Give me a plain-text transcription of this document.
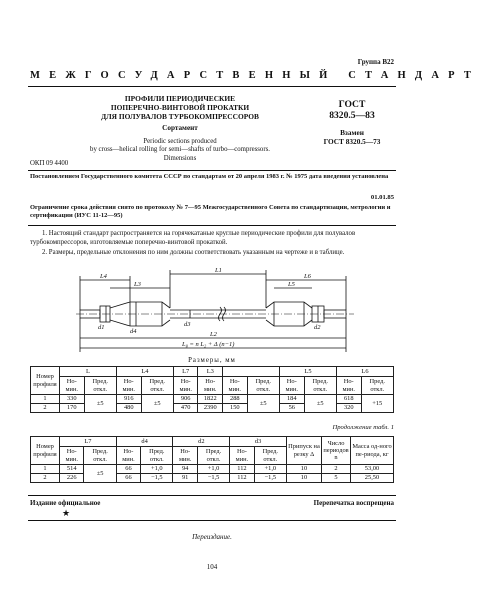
Группа В22
МЕЖГОСУДАРСТВЕННЫЙ СТАНДАРТ
ПРОФИЛИ ПЕРИОДИЧЕСКИЕ
ПОПЕРЕЧНО-ВИНТОВОЙ ПРОКАТКИ
ДЛЯ ПОЛУВАЛОВ ТУРБОКОМПРЕССОРОВ
Сортамент
Periodic sections produced
by cross—helical rolling for semi—shafts of turbo—compressors.
Dimensions
ГОСТ
8320.5—83
Взамен
ГОСТ 8320.5—73
ОКП 09 4400
Постановлением Государственного комитета СССР по стандартам от 20 апреля 1983 г. № 1975 дата введения установлена
01.01.85
Ограничение срока действия снято по протоколу № 7—95 Межгосударственного Совета по стандартизации, метрологии и сертификации (ИУС 11-12—95)
1. Настоящий стандарт распространяется на горячекатаные круглые периодические профили для полувалов турбокомпрессоров, изготовляемые поперечно-винтовой прокаткой.
2. Размеры, предельные отклонения по ним должны соответствовать указанным на чертеже и в таблице.
L4
L3
L1
L6
L5
L2
L₈ = n L₂ + Δ (n−1)
d1
d4
d3	d2
Размеры, мм
Номер профиля	L		L4		L7	L3			L5		L6	
	Но-мин.	Пред. откл.	Но-мин.	Пред. откл.	Но-мин.	Но-мин.	Но-мин.	Пред. откл.	Но-мин.	Пред. откл.	Но-мин.	Пред. откл.
1	330	±5	916	±5	906	1822	288	±5	184	±5	618	+15
2	170		480		470	2390	150		56		320	
Продолжение табл. 1
Номер профиля	L7		d4		d2		d3		Припуск на резку Δ	Число периодов n	Масса од-ного пе-риода, кг
	Но-мин.	Пред. откл.	Но-мин.	Пред. откл.	Но-мин.	Пред. откл.	Но-мин.	Пред. откл.			
1	514	±5	66	+1,0	94	+1,0	112	+1,0	10	2	53,00
2	226		66	−1,5	91	−1,5	112	−1,5	10	5	25,50
Издание официальное	Перепечатка воспрещена
★
Переиздание.
104
